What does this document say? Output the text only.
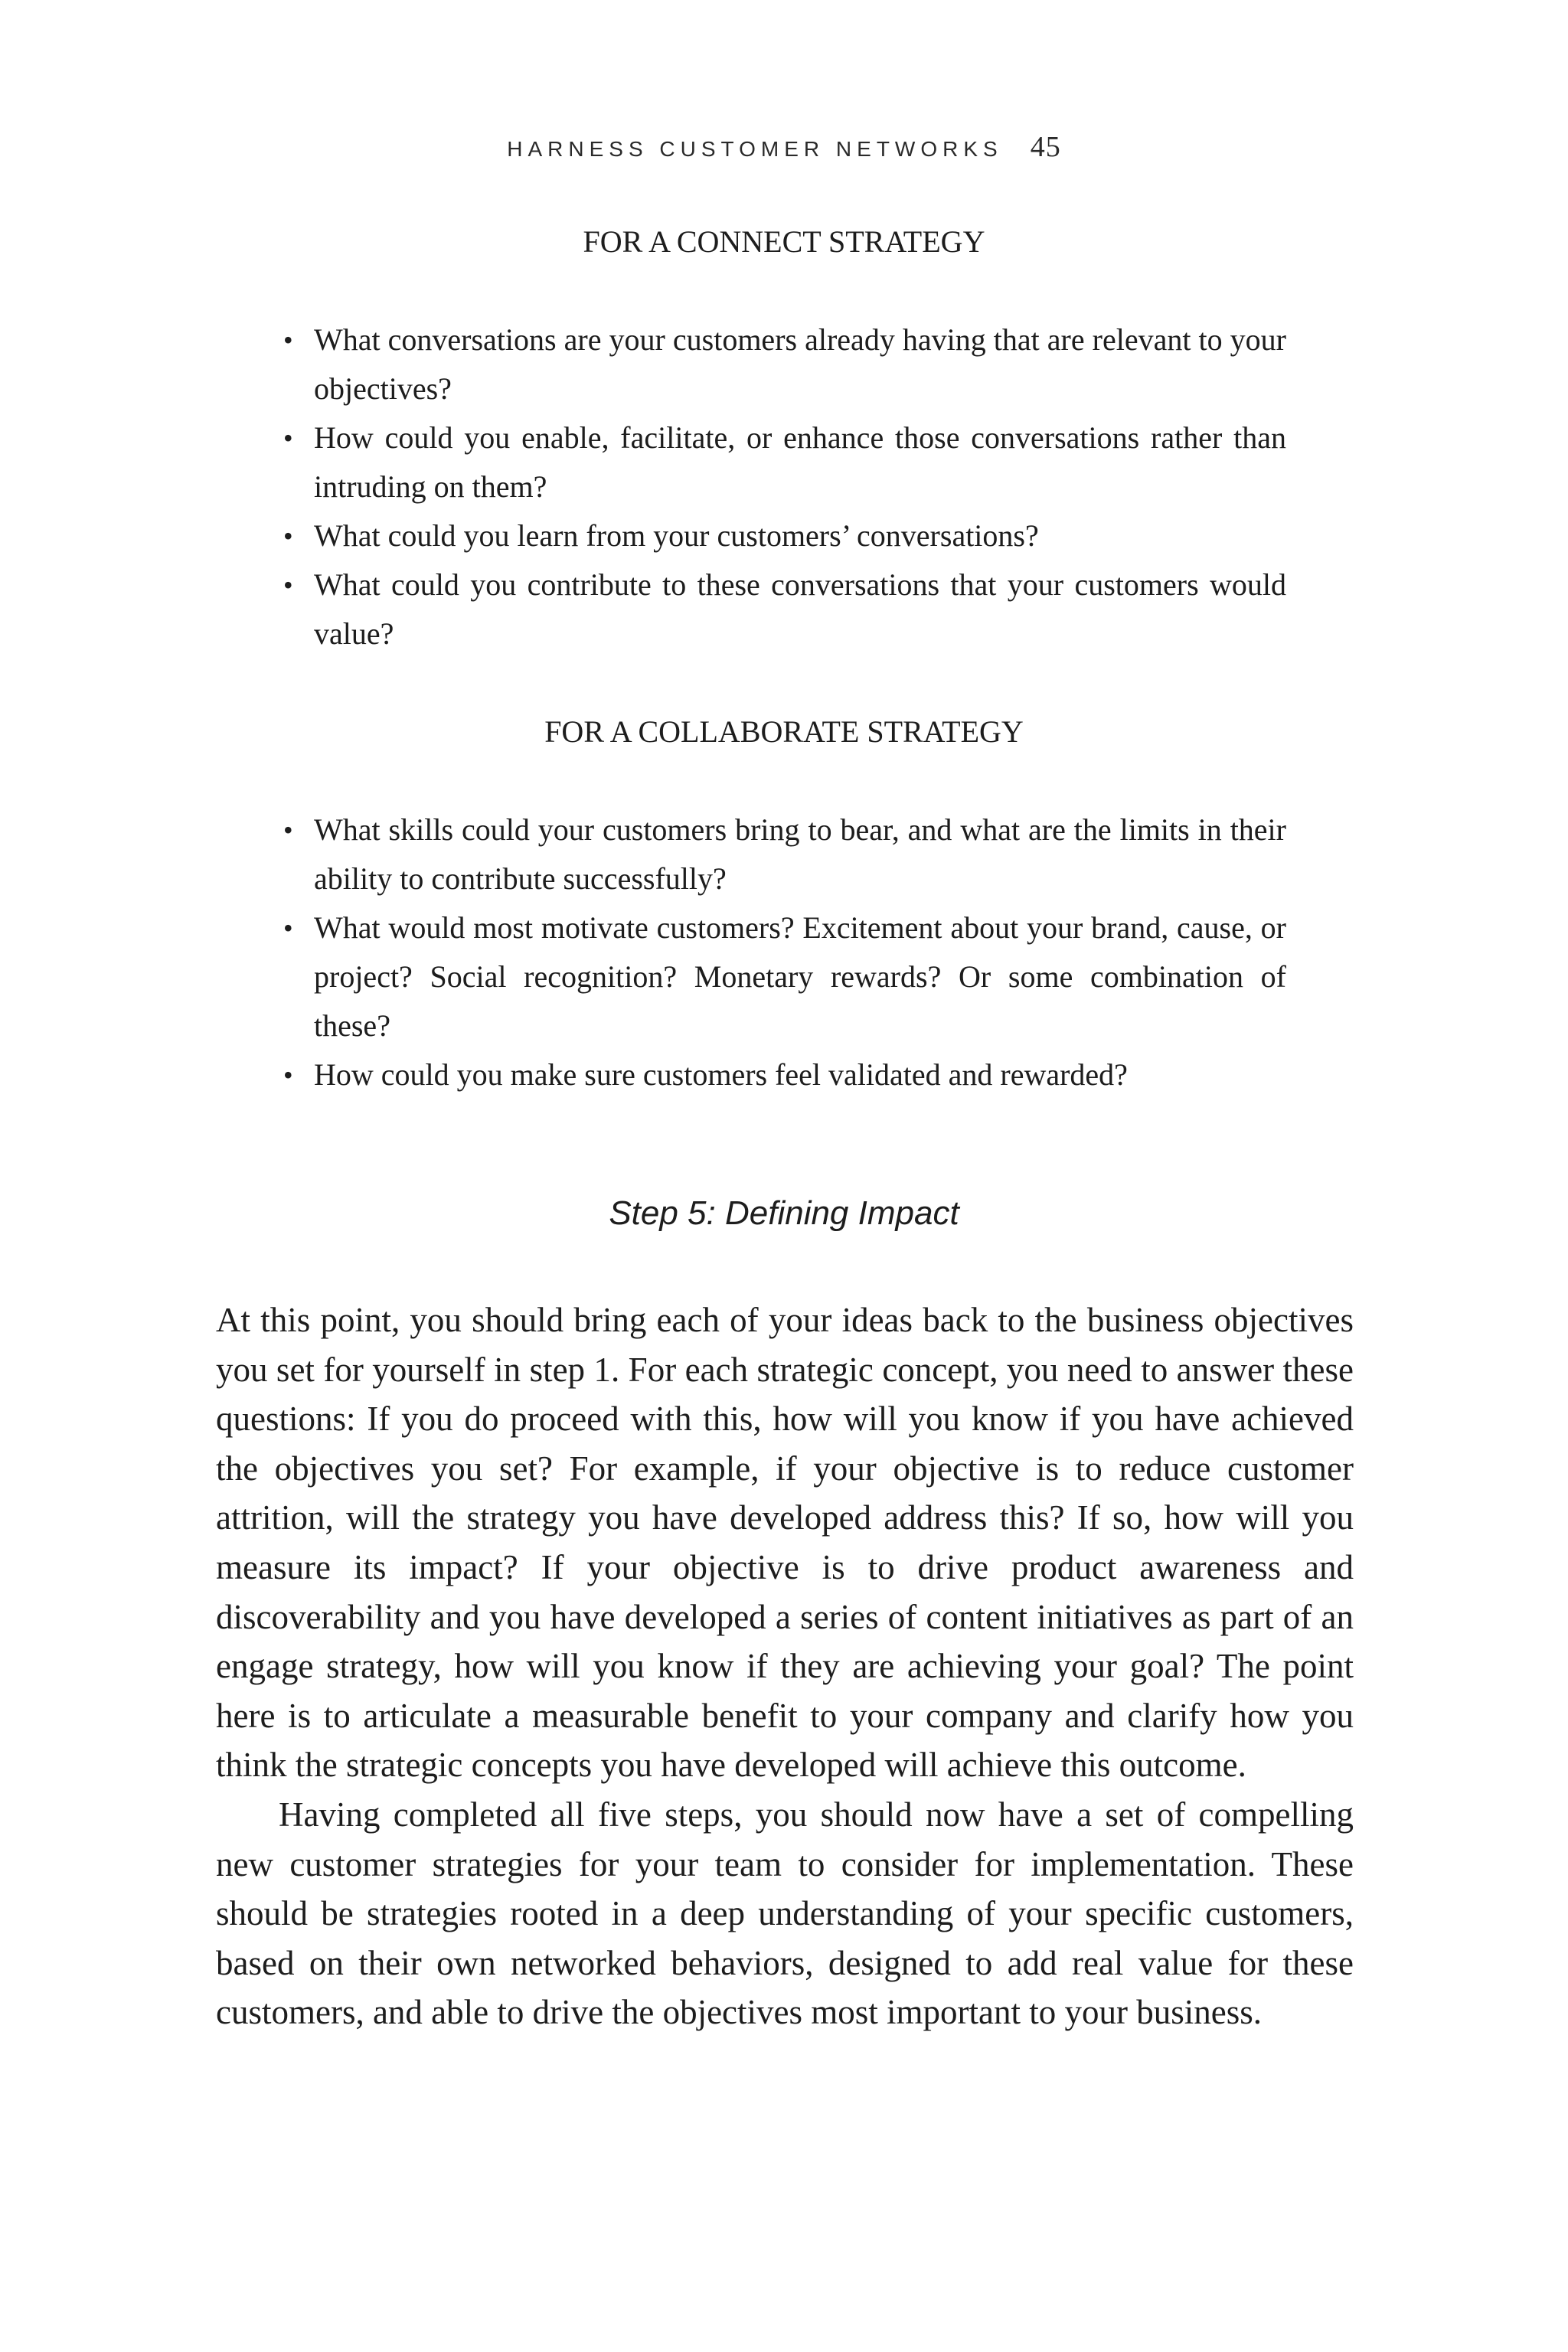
HARNESS CUSTOMER NETWORKS 45
FOR A CONNECT STRATEGY
• What conversations are your customers already having that are relevant to your objectives?
• How could you enable, facilitate, or enhance those conversations rather than intruding on them?
• What could you learn from your customers’ conversations?
• What could you contribute to these conversations that your customers would value?
FOR A COLLABORATE STRATEGY
• What skills could your customers bring to bear, and what are the limits in their ability to contribute successfully?
• What would most motivate customers? Excitement about your brand, cause, or project? Social recognition? Monetary rewards? Or some combination of these?
• How could you make sure customers feel validated and rewarded?
Step 5: Defining Impact

At this point, you should bring each of your ideas back to the business objectives you set for yourself in step 1. For each strategic concept, you need to answer these questions: If you do proceed with this, how will you know if you have achieved the objectives you set? For example, if your objective is to reduce customer attrition, will the strategy you have developed address this? If so, how will you measure its impact? If your objective is to drive product awareness and discoverability and you have developed a series of content initiatives as part of an engage strategy, how will you know if they are achieving your goal? The point here is to articulate a measurable benefit to your company and clarify how you think the strategic concepts you have developed will achieve this outcome.

Having completed all five steps, you should now have a set of compelling new customer strategies for your team to consider for implementation. These should be strategies rooted in a deep understanding of your specific customers, based on their own networked behaviors, designed to add real value for these customers, and able to drive the objectives most important to your business.
